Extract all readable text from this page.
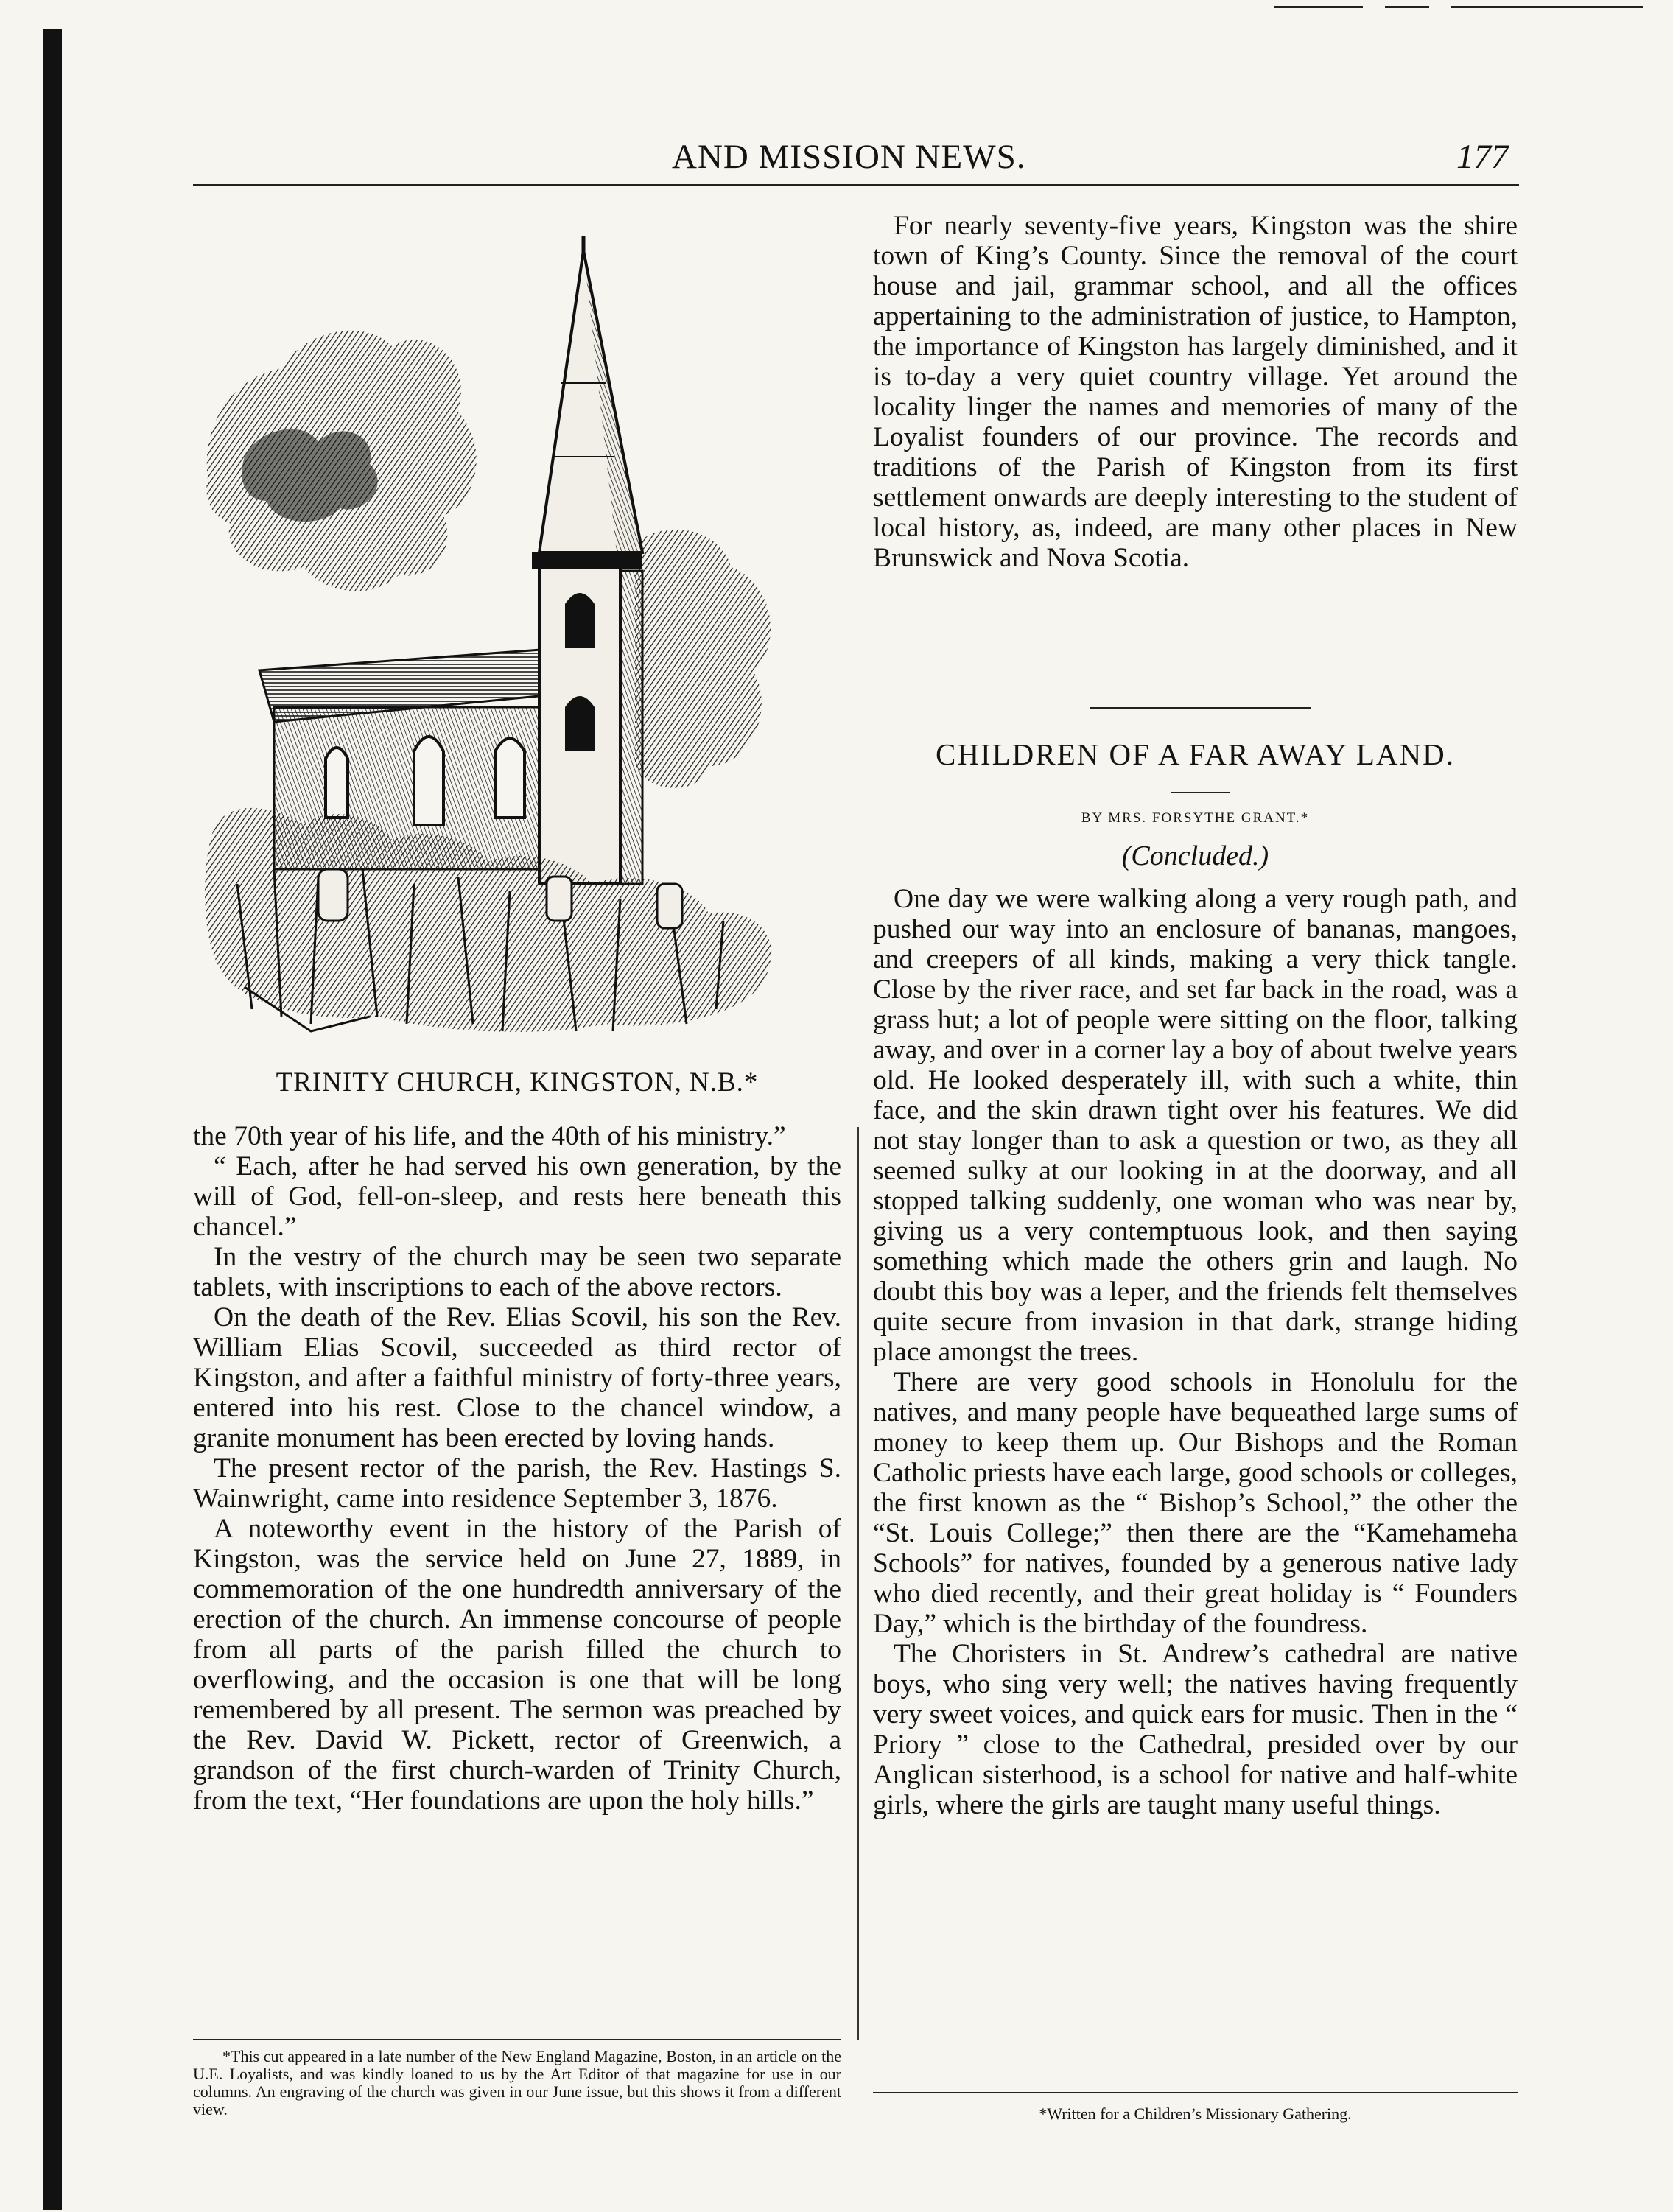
AND MISSION NEWS.	177
TRINITY CHURCH, KINGSTON, N.B.*

the 70th year of his life, and the 40th of his ministry.”

“ Each, after he had served his own generation, by the will of God, fell-on-sleep, and rests here beneath this chancel.”

In the vestry of the church may be seen two separate tablets, with inscriptions to each of the above rectors.

On the death of the Rev. Elias Scovil, his son the Rev. William Elias Scovil, succeeded as third rector of Kingston, and after a faithful ministry of forty-three years, entered into his rest. Close to the chancel window, a granite monument has been erected by loving hands.

The present rector of the parish, the Rev. Hastings S. Wainwright, came into residence September 3, 1876.

A noteworthy event in the history of the Parish of Kingston, was the service held on June 27, 1889, in commemoration of the one hundredth anniversary of the erection of the church. An immense concourse of people from all parts of the parish filled the church to overflowing, and the occasion is one that will be long remembered by all present. The sermon was preached by the Rev. David W. Pickett, rector of Greenwich, a grandson of the first church-warden of Trinity Church, from the text, “Her foundations are upon the holy hills.”

For nearly seventy-five years, Kingston was the shire town of King’s County. Since the removal of the court house and jail, grammar school, and all the offices appertaining to the administration of justice, to Hampton, the importance of Kingston has largely diminished, and it is to-day a very quiet country village. Yet around the locality linger the names and memories of many of the Loyalist founders of our province. The records and traditions of the Parish of Kingston from its first settlement onwards are deeply interesting to the student of local history, as, indeed, are many other places in New Brunswick and Nova Scotia.

CHILDREN OF A FAR AWAY LAND.
BY MRS. FORSYTHE GRANT.*
(Concluded.)

One day we were walking along a very rough path, and pushed our way into an enclosure of bananas, mangoes, and creepers of all kinds, making a very thick tangle. Close by the river race, and set far back in the road, was a grass hut; a lot of people were sitting on the floor, talking away, and over in a corner lay a boy of about twelve years old. He looked desperately ill, with such a white, thin face, and the skin drawn tight over his features. We did not stay longer than to ask a question or two, as they all seemed sulky at our looking in at the doorway, and all stopped talking suddenly, one woman who was near by, giving us a very contemptuous look, and then saying something which made the others grin and laugh. No doubt this boy was a leper, and the friends felt themselves quite secure from invasion in that dark, strange hiding place amongst the trees.

There are very good schools in Honolulu for the natives, and many people have bequeathed large sums of money to keep them up. Our Bishops and the Roman Catholic priests have each large, good schools or colleges, the first known as the “ Bishop’s School,” the other the “St. Louis College;” then there are the “Kamehameha Schools” for natives, founded by a generous native lady who died recently, and their great holiday is “ Founders Day,” which is the birthday of the foundress.

The Choristers in St. Andrew’s cathedral are native boys, who sing very well; the natives having frequently very sweet voices, and quick ears for music. Then in the “ Priory ” close to the Cathedral, presided over by our Anglican sisterhood, is a school for native and half-white girls, where the girls are taught many useful things.

*This cut appeared in a late number of the New England Magazine, Boston, in an article on the U.E. Loyalists, and was kindly loaned to us by the Art Editor of that magazine for use in our columns. An engraving of the church was given in our June issue, but this shows it from a different view.	*Written for a Children’s Missionary Gathering.
